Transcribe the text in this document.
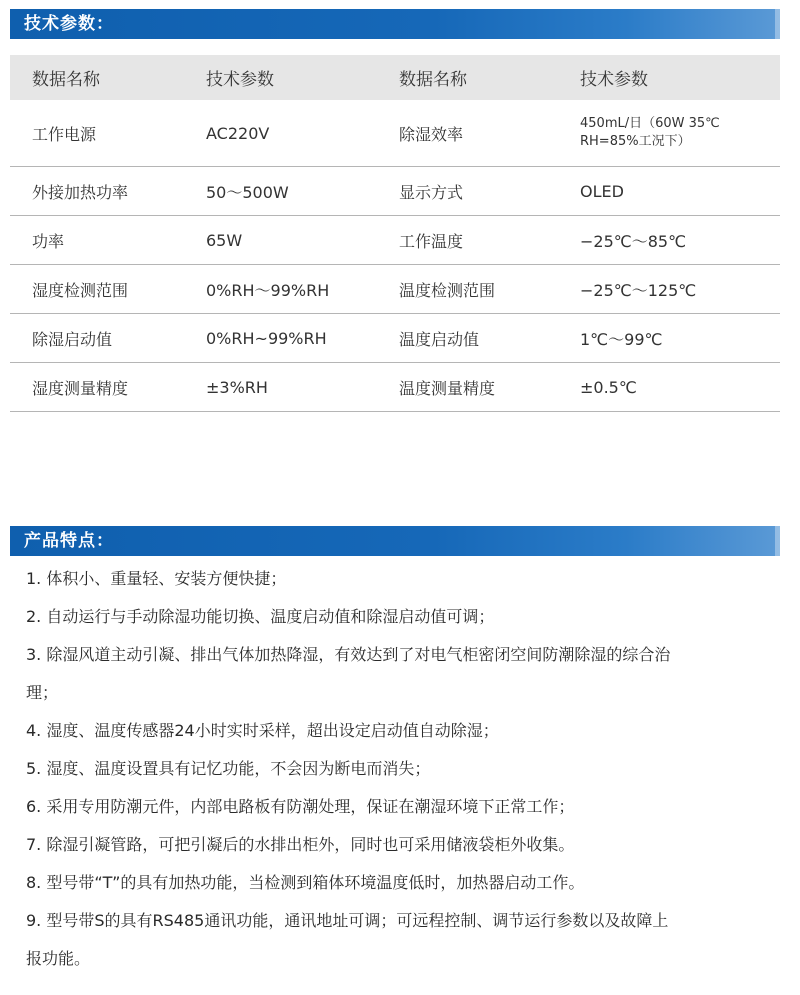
技术参数：
数据名称	技术参数	数据名称	技术参数
工作电源	AC220V	除湿效率	450mL/日（60W 35℃
RH=85%工况下）
外接加热功率	50～500W	显示方式	OLED
功率	65W	工作温度	−25℃～85℃
湿度检测范围	0%RH～99%RH	温度检测范围	−25℃～125℃
除湿启动值	0%RH~99%RH	温度启动值	1℃～99℃
湿度测量精度	±3%RH	温度测量精度	±0.5℃
产品特点：
1. 体积小、重量轻、安装方便快捷；
2. 自动运行与手动除湿功能切换、温度启动值和除湿启动值可调；
3. 除湿风道主动引凝、排出气体加热降湿，有效达到了对电气柜密闭空间防潮除湿的综合治
理；
4. 湿度、温度传感器24小时实时采样，超出设定启动值自动除湿；
5. 湿度、温度设置具有记忆功能，不会因为断电而消失；
6. 采用专用防潮元件，内部电路板有防潮处理，保证在潮湿环境下正常工作；
7. 除湿引凝管路，可把引凝后的水排出柜外，同时也可采用储液袋柜外收集。
8. 型号带“T”的具有加热功能，当检测到箱体环境温度低时，加热器启动工作。
9. 型号带S的具有RS485通讯功能，通讯地址可调；可远程控制、调节运行参数以及故障上
报功能。
